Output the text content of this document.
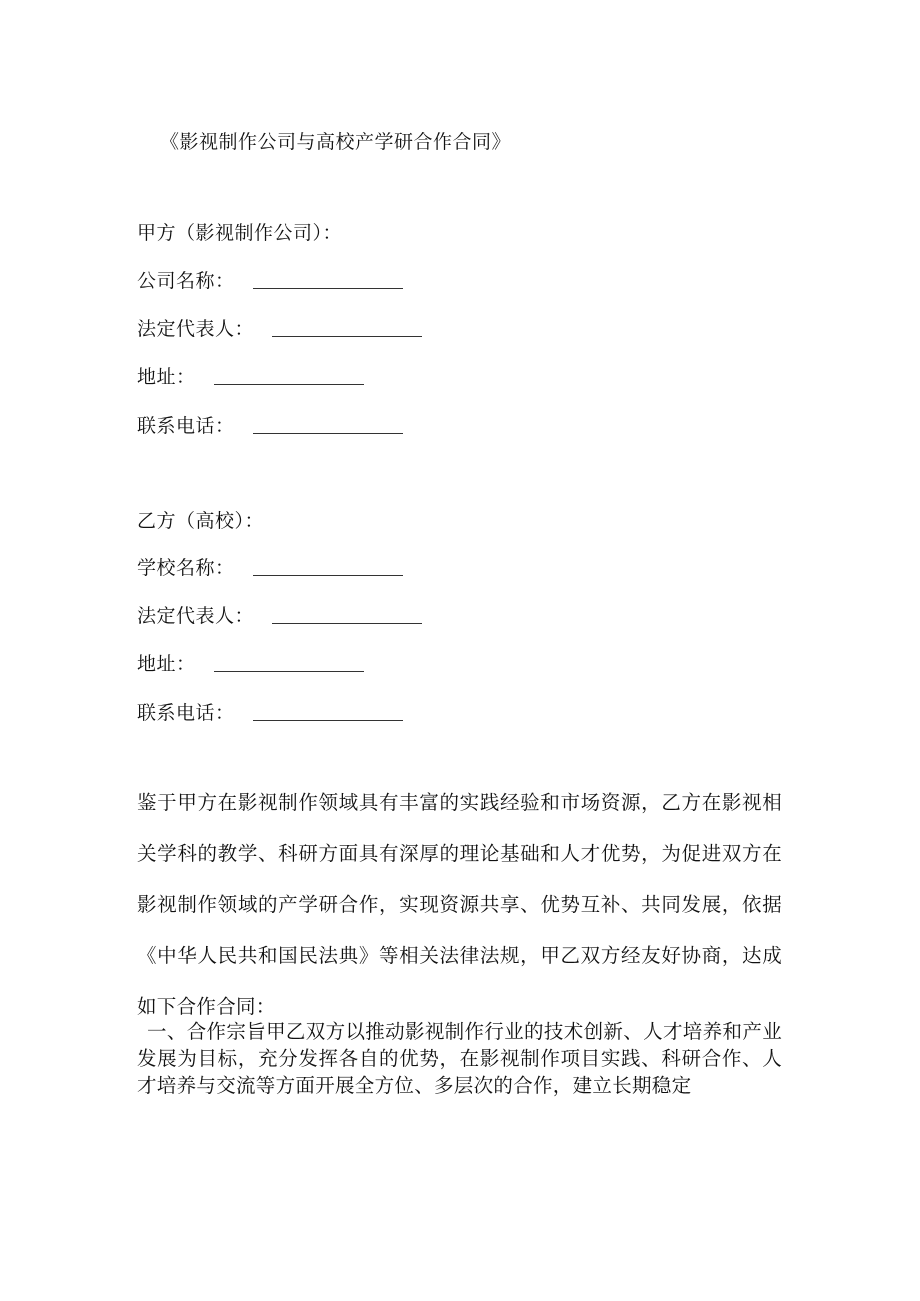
《影视制作公司与高校产学研合作合同》
甲方（影视制作公司）：
公司名称：
法定代表人：
地址：
联系电话：
乙方（高校）：
学校名称：
法定代表人：
地址：
联系电话：
鉴于甲方在影视制作领域具有丰富的实践经验和市场资源，乙方在影视相关学科的教学、科研方面具有深厚的理论基础和人才优势，为促进双方在影视制作领域的产学研合作，实现资源共享、优势互补、共同发展，依据《中华人民共和国民法典》等相关法律法规，甲乙双方经友好协商，达成如下合作合同：
一、合作宗旨甲乙双方以推动影视制作行业的技术创新、人才培养和产业发展为目标，充分发挥各自的优势，在影视制作项目实践、科研合作、人才培养与交流等方面开展全方位、多层次的合作，建立长期稳定
